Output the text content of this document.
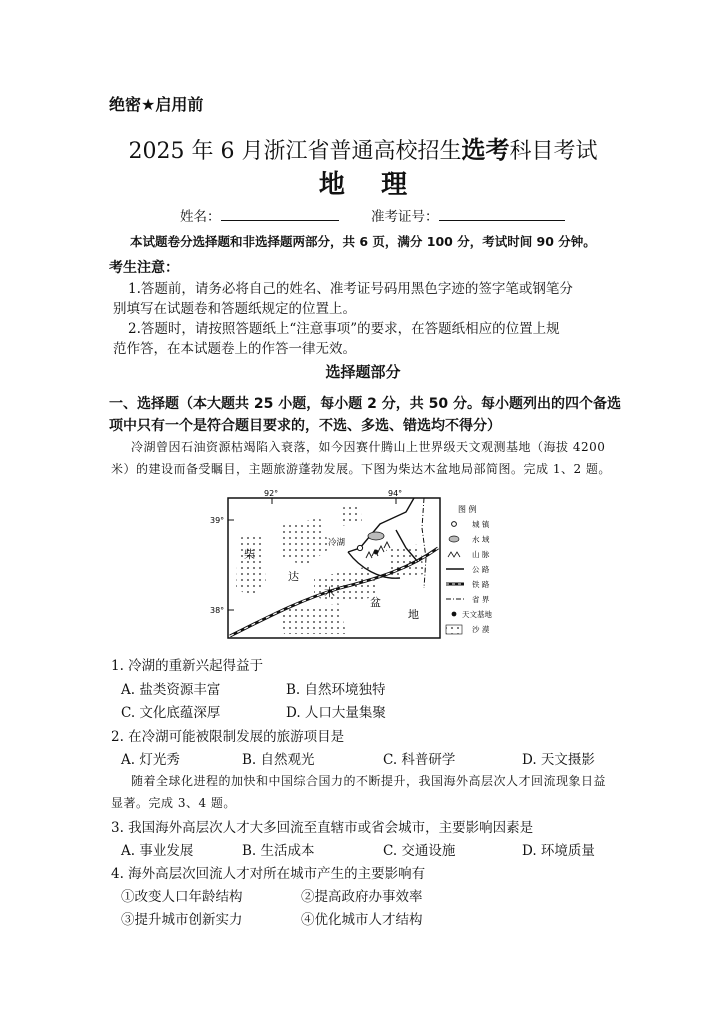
绝密★启用前
2025 年 6 月浙江省普通高校招生选考科目考试
地    理
姓名：	准考证号：
本试题卷分选择题和非选择题两部分，共 6 页，满分 100 分，考试时间 90 分钟。
考生注意：
1.答题前，请务必将自己的姓名、准考证号码用黑色字迹的签字笔或钢笔分
别填写在试题卷和答题纸规定的位置上。
2.答题时，请按照答题纸上“注意事项”的要求，在答题纸相应的位置上规
范作答，在本试题卷上的作答一律无效。
选择题部分
一、选择题（本大题共 25 小题，每小题 2 分，共 50 分。每小题列出的四个备选
项中只有一个是符合题目要求的，不选、多选、错选均不得分）
冷湖曾因石油资源枯竭陷入衰落，如今因赛什腾山上世界级天文观测基地（海拔 4200
米）的建设而备受瞩目，主题旅游蓬勃发展。下图为柴达木盆地局部简图。完成 1、2 题。
冷湖
柴
达
木
盆
地
92°	94°
39°
38°
图 例
城 镇
水 域
山 脉
公 路
铁 路
省 界
天文基地
沙 漠
1. 冷湖的重新兴起得益于
A. 盐类资源丰富	B. 自然环境独特
C. 文化底蕴深厚	D. 人口大量集聚
2. 在冷湖可能被限制发展的旅游项目是
A. 灯光秀	B. 自然观光	C. 科普研学	D. 天文摄影
随着全球化进程的加快和中国综合国力的不断提升，我国海外高层次人才回流现象日益
显著。完成 3、4 题。
3. 我国海外高层次人才大多回流至直辖市或省会城市，主要影响因素是
A. 事业发展	B. 生活成本	C. 交通设施	D. 环境质量
4. 海外高层次回流人才对所在城市产生的主要影响有
①改变人口年龄结构	②提高政府办事效率
③提升城市创新实力	④优化城市人才结构
